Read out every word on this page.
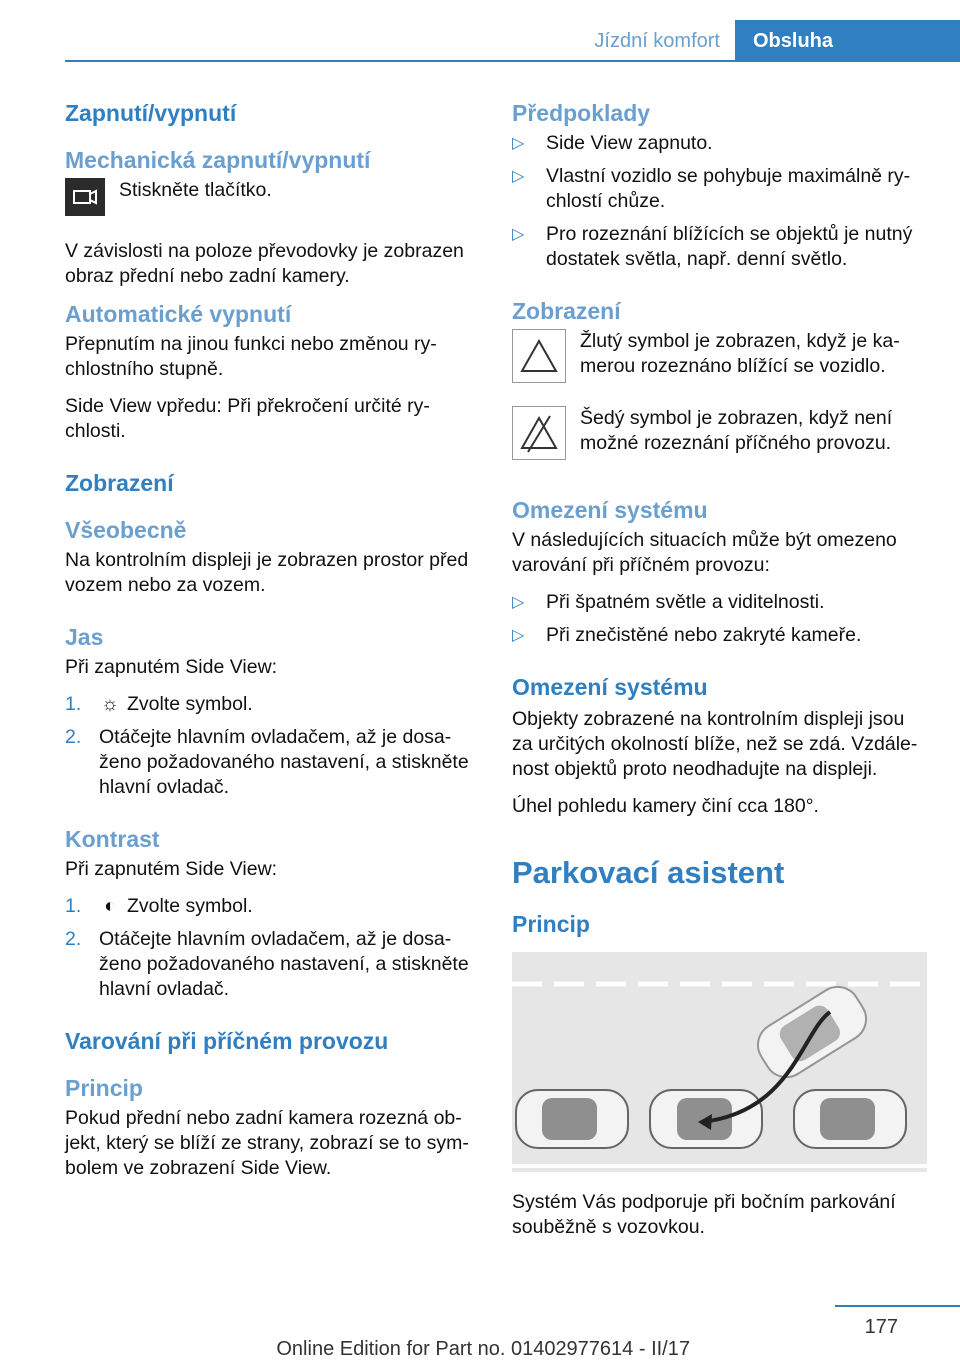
Jízdní komfort	Obsluha
Zapnutí/vypnutí
Mechanická zapnutí/vypnutí
Stiskněte tlačítko.

V závislosti na poloze převodovky je zobrazen obraz přední nebo zadní kamery.

Automatické vypnutí

Přepnutím na jinou funkci nebo změnou ry-chlostního stupně.

Side View vpředu: Při překročení určité ry-chlosti.

Zobrazení
Všeobecně

Na kontrolním displeji je zobrazen prostor před vozem nebo za vozem.

Jas

Při zapnutém Side View:

1.	☼ Zvolte symbol.
2. Otáčejte hlavním ovladačem, až je dosa-ženo požadovaného nastavení, a stiskněte hlavní ovladač.
Kontrast

Při zapnutém Side View:

1.	◐ Zvolte symbol.
2. Otáčejte hlavním ovladačem, až je dosa-ženo požadovaného nastavení, a stiskněte hlavní ovladač.
Varování při příčném provozu
Princip

Pokud přední nebo zadní kamera rozezná ob-jekt, který se blíží ze strany, zobrazí se to sym-bolem ve zobrazení Side View.

Předpoklady
▷	Side View zapnuto.
▷	Vlastní vozidlo se pohybuje maximálně ry-chlostí chůze.
▷	Pro rozeznání blížících se objektů je nutný dostatek světla, např. denní světlo.
Zobrazení
Žlutý symbol je zobrazen, když je ka-merou rozeznáno blížící se vozidlo.
Šedý symbol je zobrazen, když není možné rozeznání příčného provozu.
Omezení systému

V následujících situacích může být omezeno varování při příčném provozu:

▷	Při špatném světle a viditelnosti.
▷	Při znečistěné nebo zakryté kameře.
Omezení systému

Objekty zobrazené na kontrolním displeji jsou za určitých okolností blíže, než se zdá. Vzdále-nost objektů proto neodhadujte na displeji.

Úhel pohledu kamery činí cca 180°.

Parkovací asistent
Princip

Systém Vás podporuje při bočním parkování souběžně s vozovkou.

177
Online Edition for Part no. 01402977614 - II/17
